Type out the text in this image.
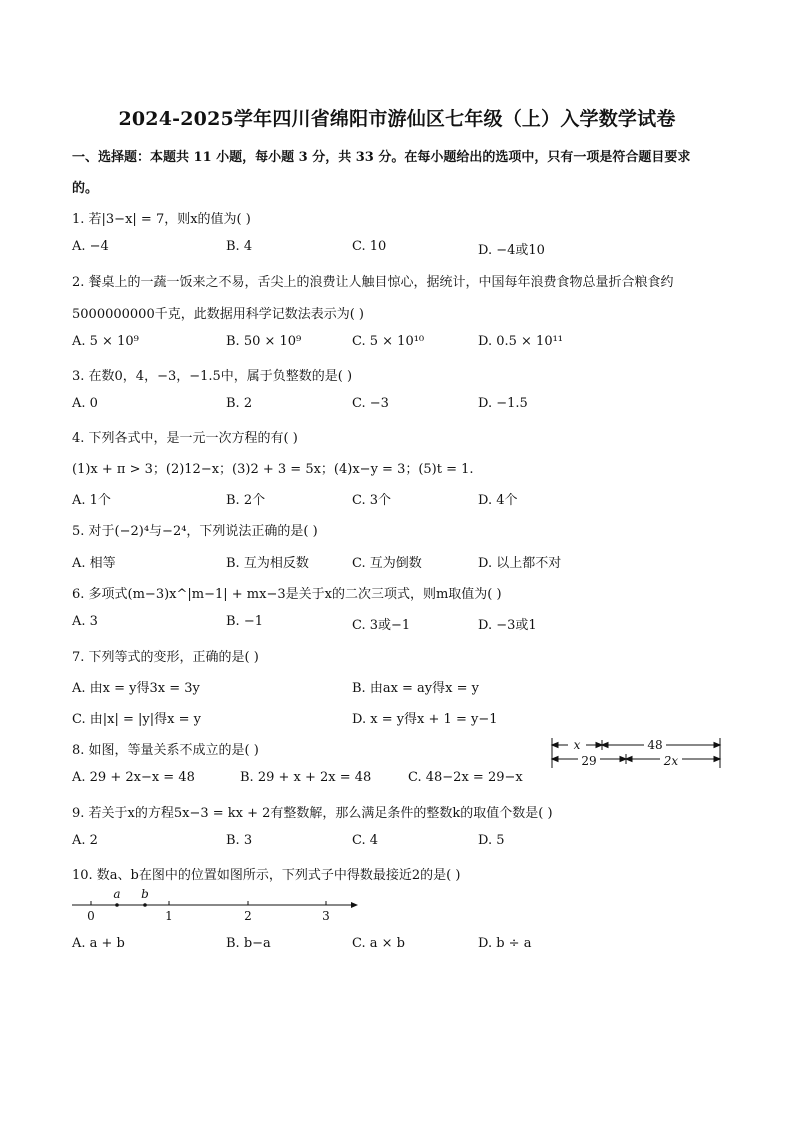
2024-2025学年四川省绵阳市游仙区七年级（上）入学数学试卷
一、选择题：本题共 11 小题，每小题 3 分，共 33 分。在每小题给出的选项中，只有一项是符合题目要求
的。
1. 若|3−x| = 7，则x的值为( )
A. −4	B. 4	C. 10	D. −4或10
2. 餐桌上的一蔬一饭来之不易，舌尖上的浪费让人触目惊心，据统计，中国每年浪费食物总量折合粮食约
5000000000千克，此数据用科学记数法表示为( )
A. 5 × 10⁹	B. 50 × 10⁹	C. 5 × 10¹⁰	D. 0.5 × 10¹¹
3. 在数0，4，−3，−1.5中，属于负整数的是( )
A. 0	B. 2	C. −3	D. −1.5
4. 下列各式中，是一元一次方程的有( )
(1)x + π > 3；(2)12−x；(3)2 + 3 = 5x；(4)x−y = 3；(5)t = 1.
A. 1个	B. 2个	C. 3个	D. 4个
5. 对于(−2)⁴与−2⁴，下列说法正确的是( )
A. 相等	B. 互为相反数	C. 互为倒数	D. 以上都不对
6. 多项式(m−3)x^|m−1| + mx−3是关于x的二次三项式，则m取值为( )
A. 3	B. −1	C. 3或−1	D. −3或1
7. 下列等式的变形，正确的是( )
A. 由x = y得3x = 3y	B. 由ax = ay得x = y
C. 由|x| = |y|得x = y	D. x = y得x + 1 = y−1
8. 如图，等量关系不成立的是( )
A. 29 + 2x−x = 48	B. 29 + x + 2x = 48	C. 48−2x = 29−x
x	48
29	2x
9. 若关于x的方程5x−3 = kx + 2有整数解，那么满足条件的整数k的取值个数是( )
A. 2	B. 3	C. 4	D. 5
10. 数a、b在图中的位置如图所示，下列式子中得数最接近2的是( )
a b
0	1	2	3
A. a + b	B. b−a	C. a × b	D. b ÷ a
